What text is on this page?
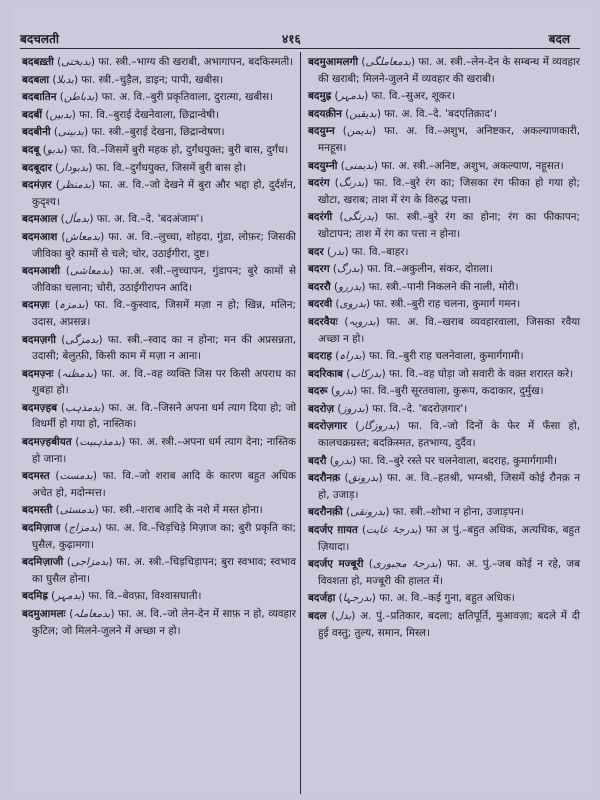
बदचलती	४१६	बदल
बदबख़्ती (بدبختی) फा. स्त्री.–भाग्य की खराबी, अभागापन, बदकिस्मती।
बदबला (بدبلا) फा. स्त्री.–चुड़ैल, डाइन; पापी, खबीस।
बदबातिन (بدباطن) फा. अ. वि.–बुरी प्रकृतिवाला, दुरात्मा, खबीस।
बदबीं (بدبیں) फा. वि.–बुराई देखनेवाला, छिद्रान्वेषी।
बदबीनी (بدبینی) फा. स्त्री.–बुराई देखना, छिद्रान्वेषण।
बदबू (بدبو) फा. वि.–जिसमें बुरी महक हो, दुर्गंधयुक्त; बुरी बास, दुर्गंध।
बदबूदार (بدبودار) फा. वि.–दुर्गंधयुक्त, जिसमें बुरी बास हो।
बदमंज़र (بدمنظر) फा. अ. वि.–जो देखने में बुरा और भद्दा हो, दुर्दर्शन, कुदृश्य।
बदमआल (بدمآل) फा. अ. वि.–दे. 'बदअंजाम'।
बदमआश (بدمعاش) फा. अ. वि.–लुच्चा, शोहदा, गुंडा, लोफ़र; जिसकी जीविका बुरे कामों से चले; चोर, उठाईगीरा, दुष्ट।
बदमआशी (بدمعاشی) फा.अ. स्त्री.–लुच्चापन, गुंडापन; बुरे कामों से जीविका चलाना; चोरी, उठाईगीरापन आदि।
बदमज़ः (بدمزہ) फा. वि.–कुस्वाद, जिसमें मज़ा न हो; खिन्न, मलिन; उदास, अप्रसन्न।
बदमज़गी (بدمزگی) फा. स्त्री.–स्वाद का न होना; मन की अप्रसन्नता, उदासी; बेलुत्फ़ी, किसी काम में मज़ा न आना।
बदमज़्नः (بدمظنہ) फा. अ. वि.–वह व्यक्ति जिस पर किसी अपराध का शुबहा हो।
बदमज़्हब (بدمذہب) फा. अ. वि.–जिसने अपना धर्म त्याग दिया हो; जो विधर्मी हो गया हो, नास्तिक।
बदमज़्हबीयत (بدمذہبیت) फा. अ. स्त्री.–अपना धर्म त्याग देना; नास्तिक हो जाना।
बदमस्त (بدمست) फा. वि.–जो शराब आदि के कारण बहुत अधिक अचेत हो, मदोन्मत्त।
बदमस्ती (بدمستی) फा. स्त्री.–शराब आदि के नशे में मस्त होना।
बदमिज़ाज (بدمزاج) फा. अ. वि.–चिड़चिड़े मिज़ाज का; बुरी प्रकृति का; घुसैल, कुढ़ामगा।
बदमिज़ाजी (بدمزاجی) फा. अ. स्त्री.–चिड़चिड़ापन; बुरा स्वभाव; स्वभाव का घुसैल होना।
बदमिह्र (بدمہر) फा. वि.–बेवफ़ा, विश्वासघाती।
बदमुआमलः (بدمعاملہ) फा. अ. वि.–जो लेन-देन में साफ़ न हो, व्यवहार कुटिल; जो मिलने-जुलने में अच्छा न हो।
बदमुआमलगी (بدمعاملگی) फा. अ. स्त्री.–लेन-देन के सम्बन्ध में व्यवहार की खराबी; मिलने-जुलने में व्यवहार की खराबी।
बदमुह्र (بدمہر) फा. वि.–सुअर, शूकर।
बदयक़ीन (بدیقین) फा. अ. वि.–दे. 'बदएतिक़ाद'।
बदयुम्न (بدیمن) फा. अ. वि.–अशुभ, अनिष्टकर, अकल्याणकारी, मनहूस।
बदयुम्नी (بدیمنی) फा. अ. स्त्री.–अनिष्ट, अशुभ, अकल्याण, नहूसत।
बदरंग (بدرنگ) फा. वि.–बुरे रंग का; जिसका रंग फीका हो गया हो; खोटा, खराब; ताश में रंग के विरुद्ध पत्ता।
बदरंगी (بدرنگی) फा. स्त्री.–बुरे रंग का होना; रंग का फीकापन; खोटापन; ताश में रंग का पत्ता न होना।
बदर (بدر) फा. वि.–बाहर।
बदरग (بدرگ) फा. वि.–अकुलीन, संकर, दोग़ला।
बदररौ (بدررو) फा. स्त्री.–पानी निकलने की नाली, मोरी।
बदरवी (بدروی) फा. स्त्री.–बुरी राह चलना, कुमार्ग गमन।
बदरवैयः (بدرویہ) फा. अ. वि.–खराब व्यवहारवाला, जिसका रवैया अच्छा न हो।
बदराह (بدراہ) फा. वि.–बुरी राह चलनेवाला, कुमार्गगामी।
बदरिकाब (بدرکاب) फा. वि.–वह घोड़ा जो सवारी के वक़्त शरारत करे।
बदरू (بدرو) फा. वि.–बुरी सूरतवाला, कुरूप, कदाकार, दुर्मुख।
बदरोज़ (بدروز) फा. वि.–दे. 'बदरोज़गार'।
बदरोज़गार (بدروزگار) फा. वि.–जो दिनों के फेर में फँसा हो, कालचक्रग्रस्त; बदक़िस्मत, हतभाग्य, दुर्दैव।
बदरौ (بدرو) फा. वि.–बुरे रस्ते पर चलनेवाला, बदराह, कुमार्गगामी।
बदरौनक़ (بدرونق) फा. अ. वि.–हतश्री, भग्नश्री, जिसमें कोई रौनक़ न हो, उजाड़।
बदरौनक़ी (بدرونقی) फा. स्त्री.–शोभा न होना, उजाड़पन।
बदर्जए ग़ायत (بدرجۂ غایت) फा अ पुं.–बहुत अधिक, अत्यधिक, बहुत ज़ियादा।
बदर्जए मज्बूरी (بدرجۂ مجبوری) फा. अ. पुं.–जब कोई न रहे, जब विवशता हो, मज्बूरी की हालत में।
बदर्जहा (بدرجہا) फा. अ. वि.–कई गुना, बहुत अधिक।
बदल (بدل) अ. पुं.–प्रतिकार, बदला; क्षतिपूर्ति, मुआवज़ा; बदले में दी हुई वस्तु; तुल्य, समान, मिस्ल।
